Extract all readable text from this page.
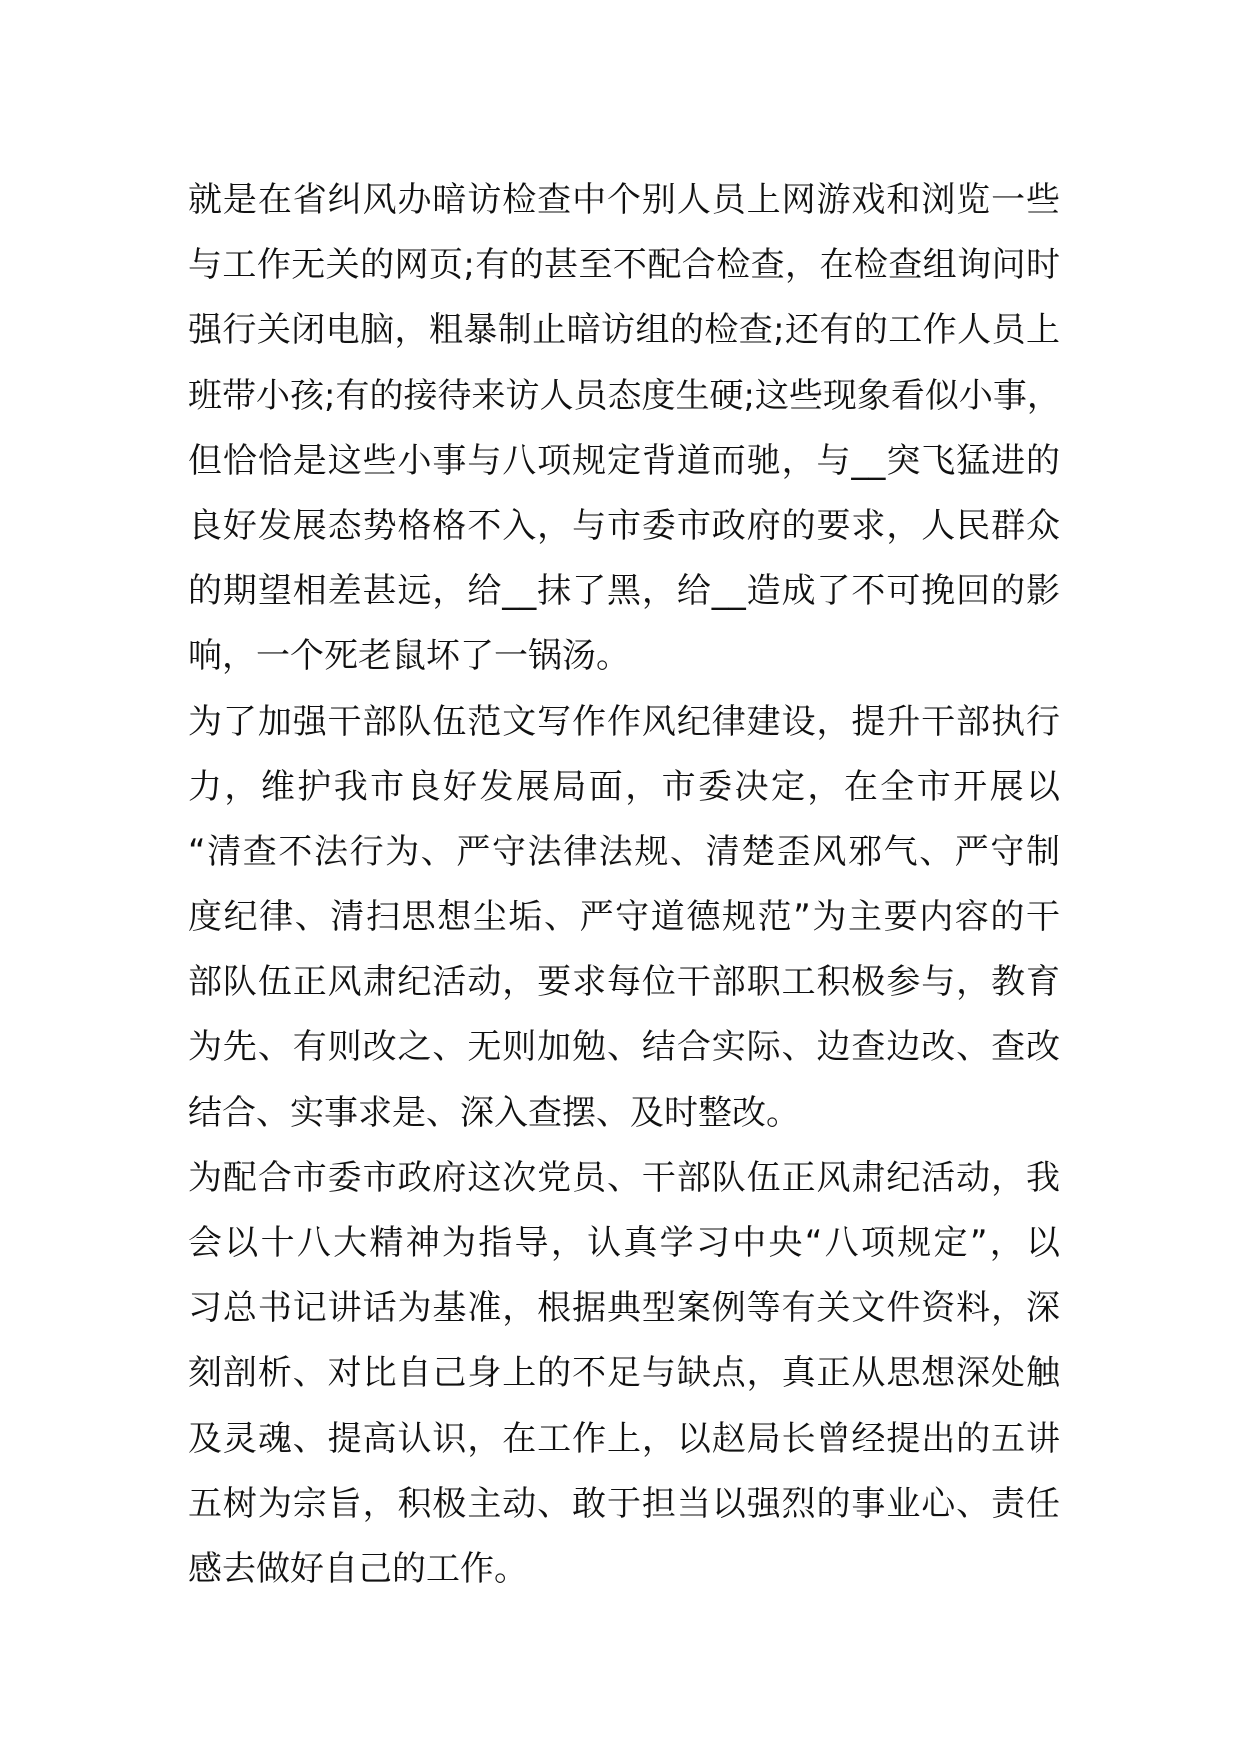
就是在省纠风办暗访检查中个别人员上网游戏和浏览一些
与工作无关的网页;有的甚至不配合检查，在检查组询问时
强行关闭电脑，粗暴制止暗访组的检查;还有的工作人员上
班带小孩;有的接待来访人员态度生硬;这些现象看似小事，
但恰恰是这些小事与八项规定背道而驰，与__突飞猛进的
良好发展态势格格不入，与市委市政府的要求，人民群众
的期望相差甚远，给__抹了黑，给__造成了不可挽回的影
响，一个死老鼠坏了一锅汤。
为了加强干部队伍范文写作作风纪律建设，提升干部执行
力，维护我市良好发展局面，市委决定，在全市开展以
“清查不法行为、严守法律法规、清楚歪风邪气、严守制
度纪律、清扫思想尘垢、严守道德规范”为主要内容的干
部队伍正风肃纪活动，要求每位干部职工积极参与，教育
为先、有则改之、无则加勉、结合实际、边查边改、查改
结合、实事求是、深入查摆、及时整改。
为配合市委市政府这次党员、干部队伍正风肃纪活动，我
会以十八大精神为指导，认真学习中央“八项规定”，以
习总书记讲话为基准，根据典型案例等有关文件资料，深
刻剖析、对比自己身上的不足与缺点，真正从思想深处触
及灵魂、提高认识，在工作上，以赵局长曾经提出的五讲
五树为宗旨，积极主动、敢于担当以强烈的事业心、责任
感去做好自己的工作。
